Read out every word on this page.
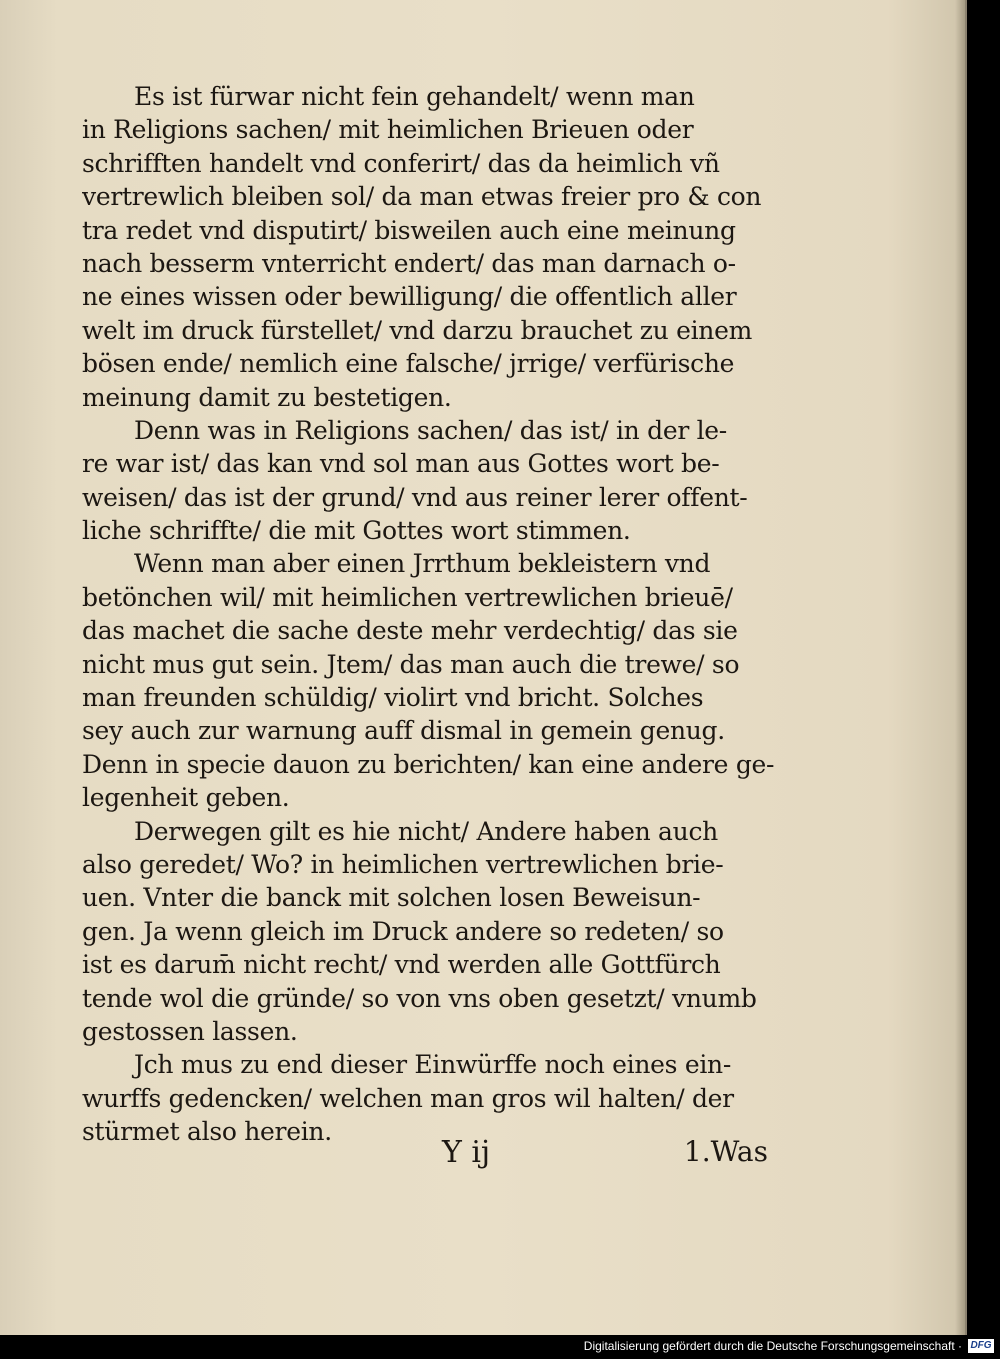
Es ist fürwar nicht fein gehandelt/ wenn man
in Religions sachen/ mit heimlichen Brieuen oder
schrifften handelt vnd conferirt/ das da heimlich vñ
vertrewlich bleiben sol/ da man etwas freier pro & con
tra redet vnd disputirt/ bisweilen auch eine meinung
nach besserm vnterricht endert/ das man darnach o-
ne eines wissen oder bewilligung/ die offentlich aller
welt im druck fürstellet/ vnd darzu brauchet zu einem
bösen ende/ nemlich eine falsche/ jrrige/ verfürische
meinung damit zu bestetigen.
Denn was in Religions sachen/ das ist/ in der le-
re war ist/ das kan vnd sol man aus Gottes wort be-
weisen/ das ist der grund/ vnd aus reiner lerer offent-
liche schriffte/ die mit Gottes wort stimmen.
Wenn man aber einen Jrrthum bekleistern vnd
betönchen wil/ mit heimlichen vertrewlichen brieuē/
das machet die sache deste mehr verdechtig/ das sie
nicht mus gut sein. Jtem/ das man auch die trewe/ so
man freunden schüldig/ violirt vnd bricht. Solches
sey auch zur warnung auff dismal in gemein genug.
Denn in specie dauon zu berichten/ kan eine andere ge-
legenheit geben.
Derwegen gilt es hie nicht/ Andere haben auch
also geredet/ Wo? in heimlichen vertrewlichen brie-
uen. Vnter die banck mit solchen losen Beweisun-
gen. Ja wenn gleich im Druck andere so redeten/ so
ist es darum̄ nicht recht/ vnd werden alle Gottfürch
tende wol die gründe/ so von vns oben gesetzt/ vnumb
gestossen lassen.
Jch mus zu end dieser Einwürffe noch eines ein-
wurffs gedencken/ welchen man gros wil halten/ der
stürmet also herein.
Y ij	1.Was
Digitalisierung gefördert durch die Deutsche Forschungsgemeinschaft · DFG
